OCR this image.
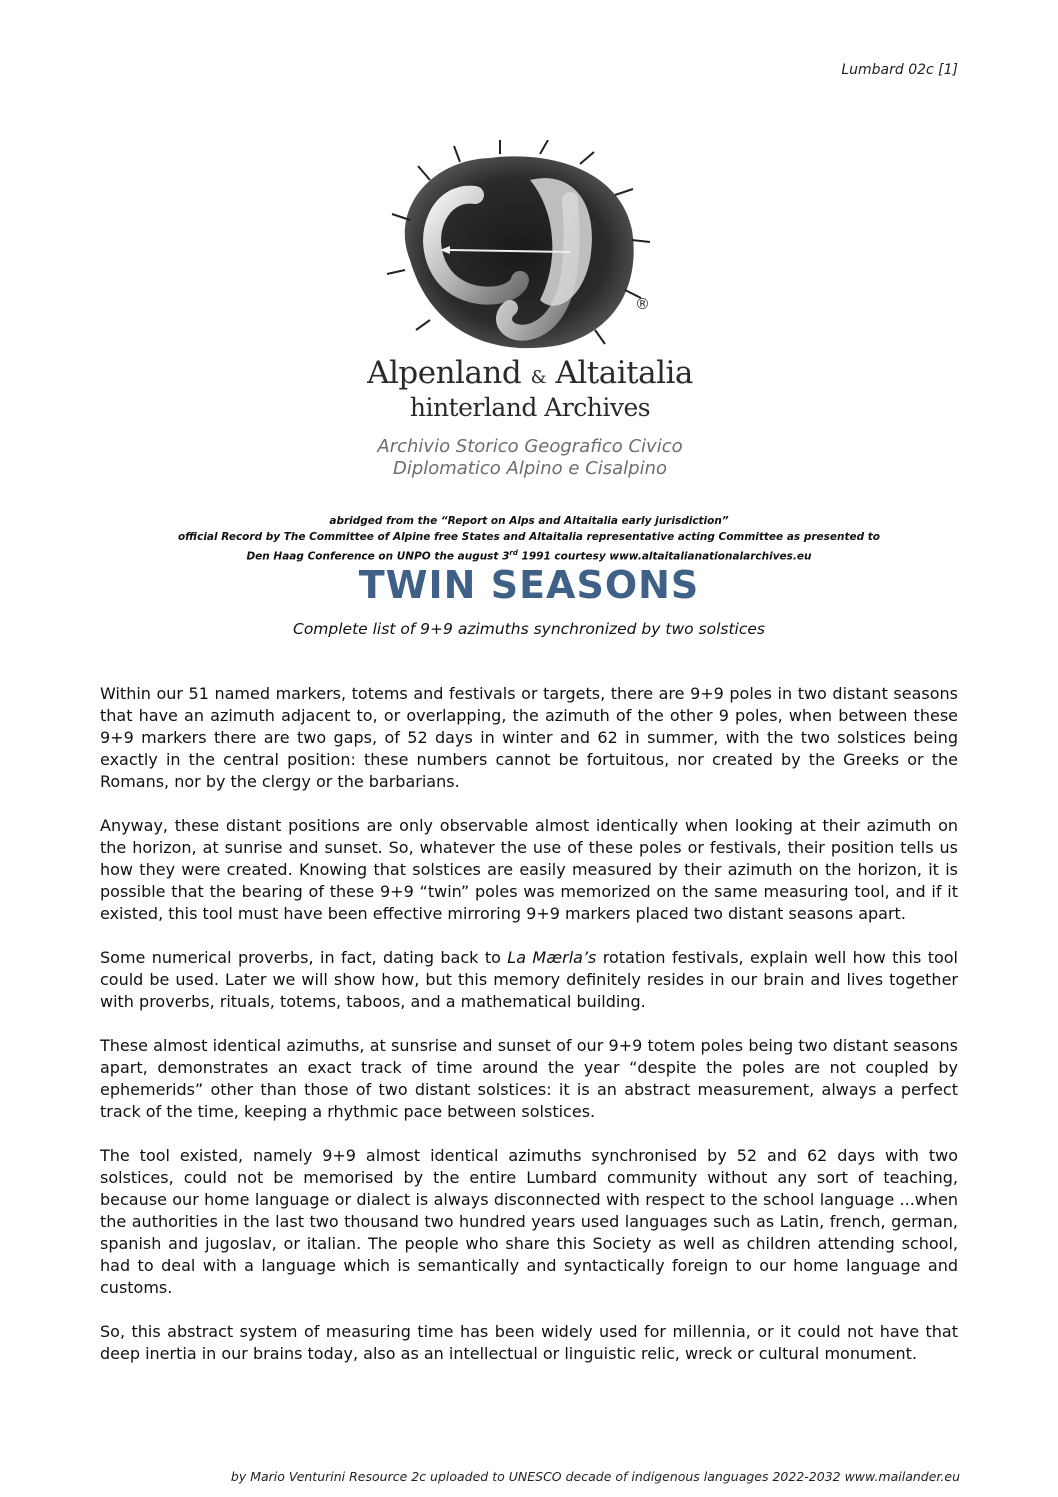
Lumbard 02c [1]
®
Alpenland & Altaitalia
hinterland Archives
Archivio Storico Geografico Civico
Diplomatico Alpino e Cisalpino
abridged from the “Report on Alps and Altaitalia early jurisdiction”
official Record by The Committee of Alpine free States and Altaitalia representative acting Committee as presented to
Den Haag Conference on UNPO the august 3rd 1991 courtesy www.altaitalianationalarchives.eu
TWIN SEASONS
Complete list of 9+9 azimuths synchronized by two solstices

Within our 51 named markers, totems and festivals or targets, there are 9+9 poles in two distant seasons that have an azimuth adjacent to, or overlapping, the azimuth of the other 9 poles, when between these 9+9 markers there are two gaps, of 52 days in winter and 62 in summer, with the two solstices being exactly in the central position: these numbers cannot be fortuitous, nor created by the Greeks or the Romans, nor by the clergy or the barbarians.

Anyway, these distant positions are only observable almost identically when looking at their azimuth on the horizon, at sunrise and sunset. So, whatever the use of these poles or festivals, their position tells us how they were created. Knowing that solstices are easily measured by their azimuth on the horizon, it is possible that the bearing of these 9+9 “twin” poles was memorized on the same measuring tool, and if it existed, this tool must have been effective mirroring 9+9 markers placed two distant seasons apart.

Some numerical proverbs, in fact, dating back to La Mærla’s rotation festivals, explain well how this tool could be used. Later we will show how, but this memory definitely resides in our brain and lives together with proverbs, rituals, totems, taboos, and a mathematical building.

These almost identical azimuths, at sunsrise and sunset of our 9+9 totem poles being two distant seasons apart, demonstrates an exact track of time around the year “despite the poles are not coupled by ephemerids” other than those of two distant solstices: it is an abstract measurement, always a perfect track of the time, keeping a rhythmic pace between solstices.

The tool existed, namely 9+9 almost identical azimuths synchronised by 52 and 62 days with two solstices, could not be memorised by the entire Lumbard community without any sort of teaching, because our home language or dialect is always disconnected with respect to the school language ...when the authorities in the last two thousand two hundred years used languages such as Latin, french, german, spanish and jugoslav, or italian. The people who share this Society as well as children attending school, had to deal with a language which is semantically and syntactically foreign to our home language and customs.

So, this abstract system of measuring time has been widely used for millennia, or it could not have that deep inertia in our brains today, also as an intellectual or linguistic relic, wreck or cultural monument.

by Mario Venturini Resource 2c uploaded to UNESCO decade of indigenous languages 2022-2032 www.mailander.eu
